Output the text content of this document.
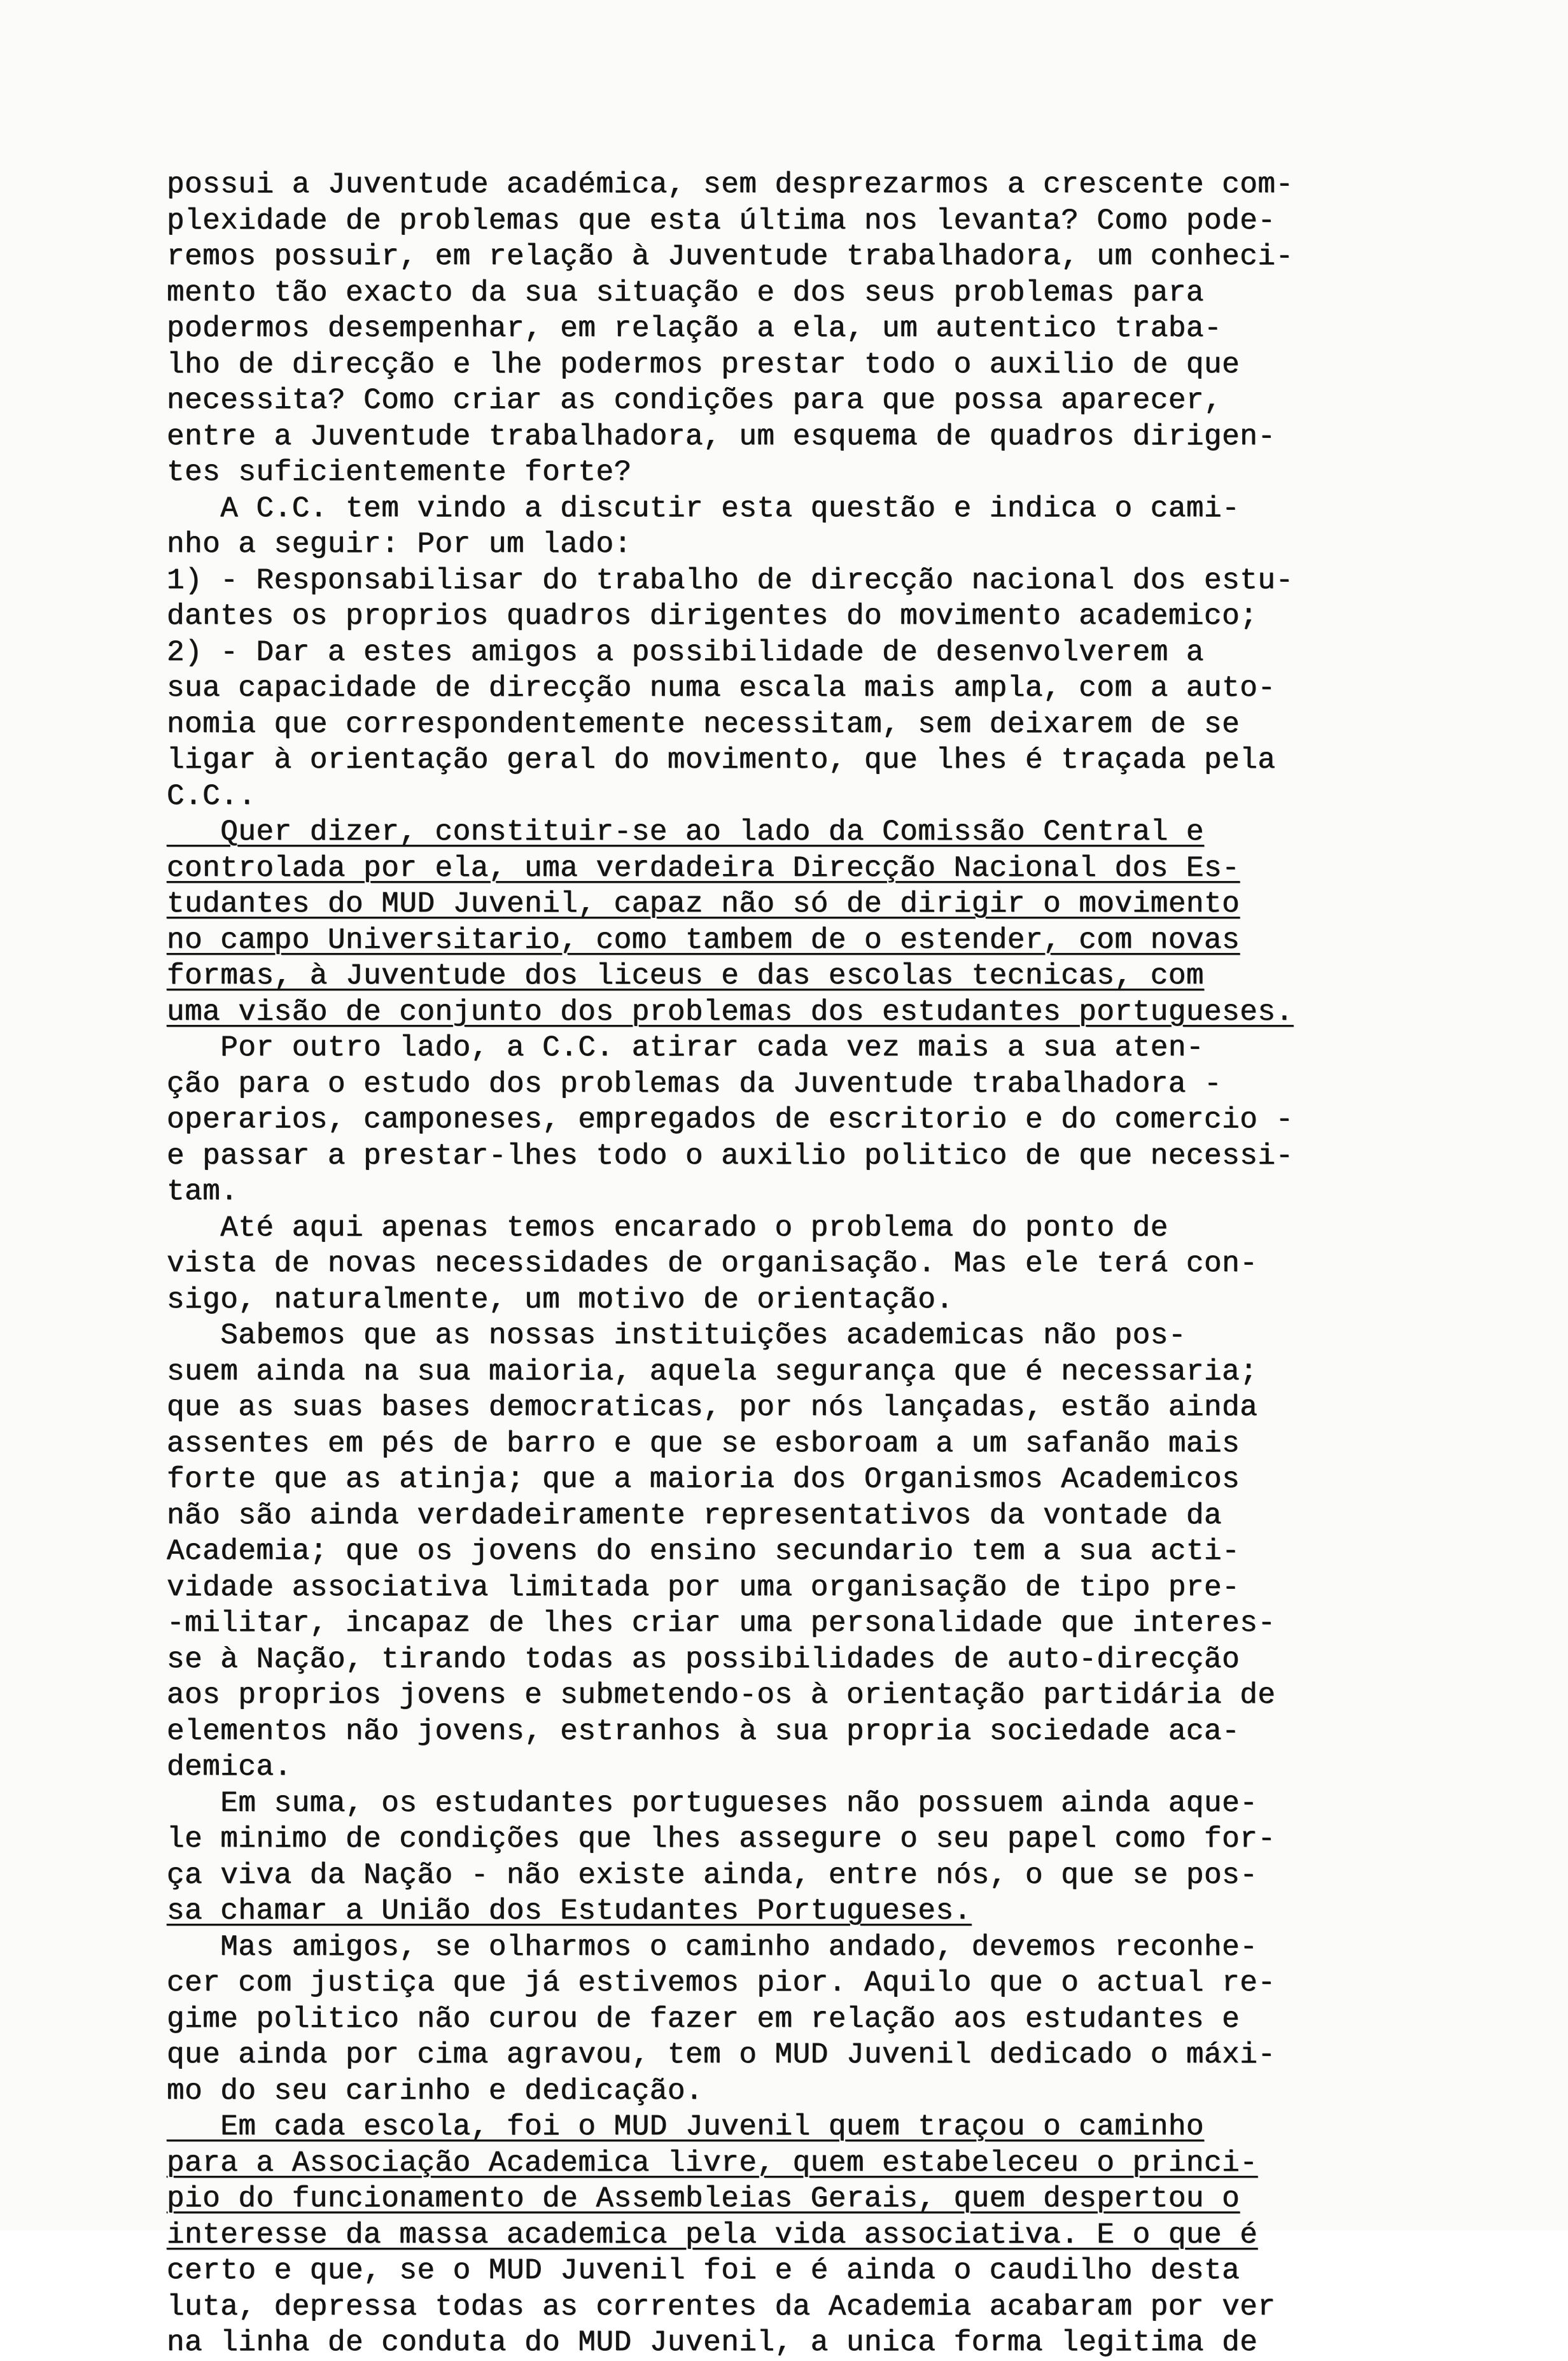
possui a Juventude académica, sem desprezarmos a crescente com-
plexidade de problemas que esta última nos levanta? Como pode-
remos possuir, em relação à Juventude trabalhadora, um conheci-
mento tão exacto da sua situação e dos seus problemas para
podermos desempenhar, em relação a ela, um autentico traba-
lho de direcção e lhe podermos prestar todo o auxilio de que
necessita? Como criar as condições para que possa aparecer,
entre a Juventude trabalhadora, um esquema de quadros dirigen-
tes suficientemente forte?
A C.C. tem vindo a discutir esta questão e indica o cami-
nho a seguir: Por um lado:
1) - Responsabilisar do trabalho de direcção nacional dos estu-
dantes os proprios quadros dirigentes do movimento academico;
2) - Dar a estes amigos a possibilidade de desenvolverem a
sua capacidade de direcção numa escala mais ampla, com a auto-
nomia que correspondentemente necessitam, sem deixarem de se
ligar à orientação geral do movimento, que lhes é traçada pela
C.C..
Quer dizer, constituir-se ao lado da Comissão Central e
controlada por ela, uma verdadeira Direcção Nacional dos Es-
tudantes do MUD Juvenil, capaz não só de dirigir o movimento
no campo Universitario, como tambem de o estender, com novas
formas, à Juventude dos liceus e das escolas tecnicas, com
uma visão de conjunto dos problemas dos estudantes portugueses.
Por outro lado, a C.C. atirar cada vez mais a sua aten-
ção para o estudo dos problemas da Juventude trabalhadora -
operarios, camponeses, empregados de escritorio e do comercio -
e passar a prestar-lhes todo o auxilio politico de que necessi-
tam.
Até aqui apenas temos encarado o problema do ponto de
vista de novas necessidades de organisação. Mas ele terá con-
sigo, naturalmente, um motivo de orientação.
Sabemos que as nossas instituições academicas não pos-
suem ainda na sua maioria, aquela segurança que é necessaria;
que as suas bases democraticas, por nós lançadas, estão ainda
assentes em pés de barro e que se esboroam a um safanão mais
forte que as atinja; que a maioria dos Organismos Academicos
não são ainda verdadeiramente representativos da vontade da
Academia; que os jovens do ensino secundario tem a sua acti-
vidade associativa limitada por uma organisação de tipo pre-
-militar, incapaz de lhes criar uma personalidade que interes-
se à Nação, tirando todas as possibilidades de auto-direcção
aos proprios jovens e submetendo-os à orientação partidária de
elementos não jovens, estranhos à sua propria sociedade aca-
demica.
Em suma, os estudantes portugueses não possuem ainda aque-
le minimo de condições que lhes assegure o seu papel como for-
ça viva da Nação - não existe ainda, entre nós, o que se pos-
sa chamar a União dos Estudantes Portugueses.
Mas amigos, se olharmos o caminho andado, devemos reconhe-
cer com justiça que já estivemos pior. Aquilo que o actual re-
gime politico não curou de fazer em relação aos estudantes e
que ainda por cima agravou, tem o MUD Juvenil dedicado o máxi-
mo do seu carinho e dedicação.
Em cada escola, foi o MUD Juvenil quem traçou o caminho
para a Associação Academica livre, quem estabeleceu o princi-
pio do funcionamento de Assembleias Gerais, quem despertou o
interesse da massa academica pela vida associativa. E o que é
certo e que, se o MUD Juvenil foi e é ainda o caudilho desta
luta, depressa todas as correntes da Academia acabaram por ver
na linha de conduta do MUD Juvenil, a unica forma legitima de
